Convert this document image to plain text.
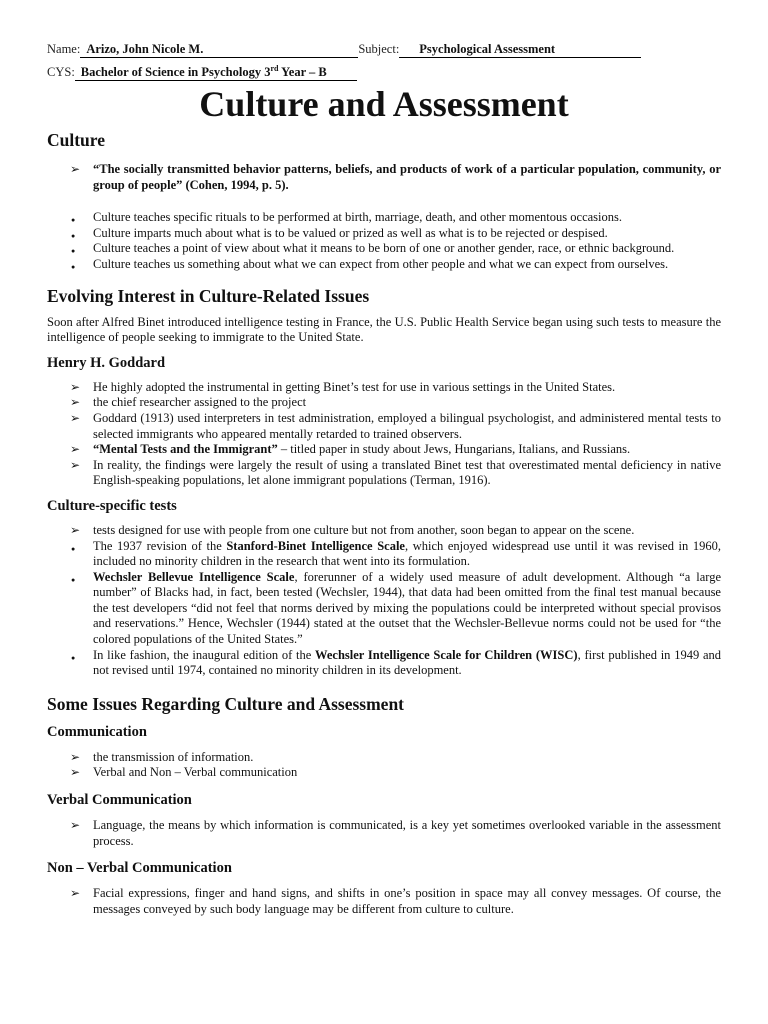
Name: Arizo, John Nicole M.	Subject: Psychological Assessment
CYS: Bachelor of Science in Psychology 3rd Year – B
Culture and Assessment
Culture
➢ “The socially transmitted behavior patterns, beliefs, and products of work of a particular population, community, or group of people” (Cohen, 1994, p. 5).
● Culture teaches specific rituals to be performed at birth, marriage, death, and other momentous occasions.
● Culture imparts much about what is to be valued or prized as well as what is to be rejected or despised.
● Culture teaches a point of view about what it means to be born of one or another gender, race, or ethnic background.
● Culture teaches us something about what we can expect from other people and what we can expect from ourselves.
Evolving Interest in Culture-Related Issues

Soon after Alfred Binet introduced intelligence testing in France, the U.S. Public Health Service began using such tests to measure the intelligence of people seeking to immigrate to the United State.

Henry H. Goddard
➢ He highly adopted the instrumental in getting Binet’s test for use in various settings in the United States.
➢ the chief researcher assigned to the project
➢ Goddard (1913) used interpreters in test administration, employed a bilingual psychologist, and administered mental tests to selected immigrants who appeared mentally retarded to trained observers.
➢ “Mental Tests and the Immigrant” – titled paper in study about Jews, Hungarians, Italians, and Russians.
➢ In reality, the findings were largely the result of using a translated Binet test that overestimated mental deficiency in native English-speaking populations, let alone immigrant populations (Terman, 1916).
Culture-specific tests
➢ tests designed for use with people from one culture but not from another, soon began to appear on the scene.
● The 1937 revision of the Stanford-Binet Intelligence Scale, which enjoyed widespread use until it was revised in 1960, included no minority children in the research that went into its formulation.
● Wechsler Bellevue Intelligence Scale, forerunner of a widely used measure of adult development. Although “a large number” of Blacks had, in fact, been tested (Wechsler, 1944), that data had been omitted from the final test manual because the test developers “did not feel that norms derived by mixing the populations could be interpreted without special provisos and reservations.” Hence, Wechsler (1944) stated at the outset that the Wechsler-Bellevue norms could not be used for “the colored populations of the United States.”
● In like fashion, the inaugural edition of the Wechsler Intelligence Scale for Children (WISC), first published in 1949 and not revised until 1974, contained no minority children in its development.
Some Issues Regarding Culture and Assessment
Communication
➢ the transmission of information.
➢ Verbal and Non – Verbal communication
Verbal Communication
➢ Language, the means by which information is communicated, is a key yet sometimes overlooked variable in the assessment process.
Non – Verbal Communication
➢ Facial expressions, finger and hand signs, and shifts in one’s position in space may all convey messages. Of course, the messages conveyed by such body language may be different from culture to culture.
